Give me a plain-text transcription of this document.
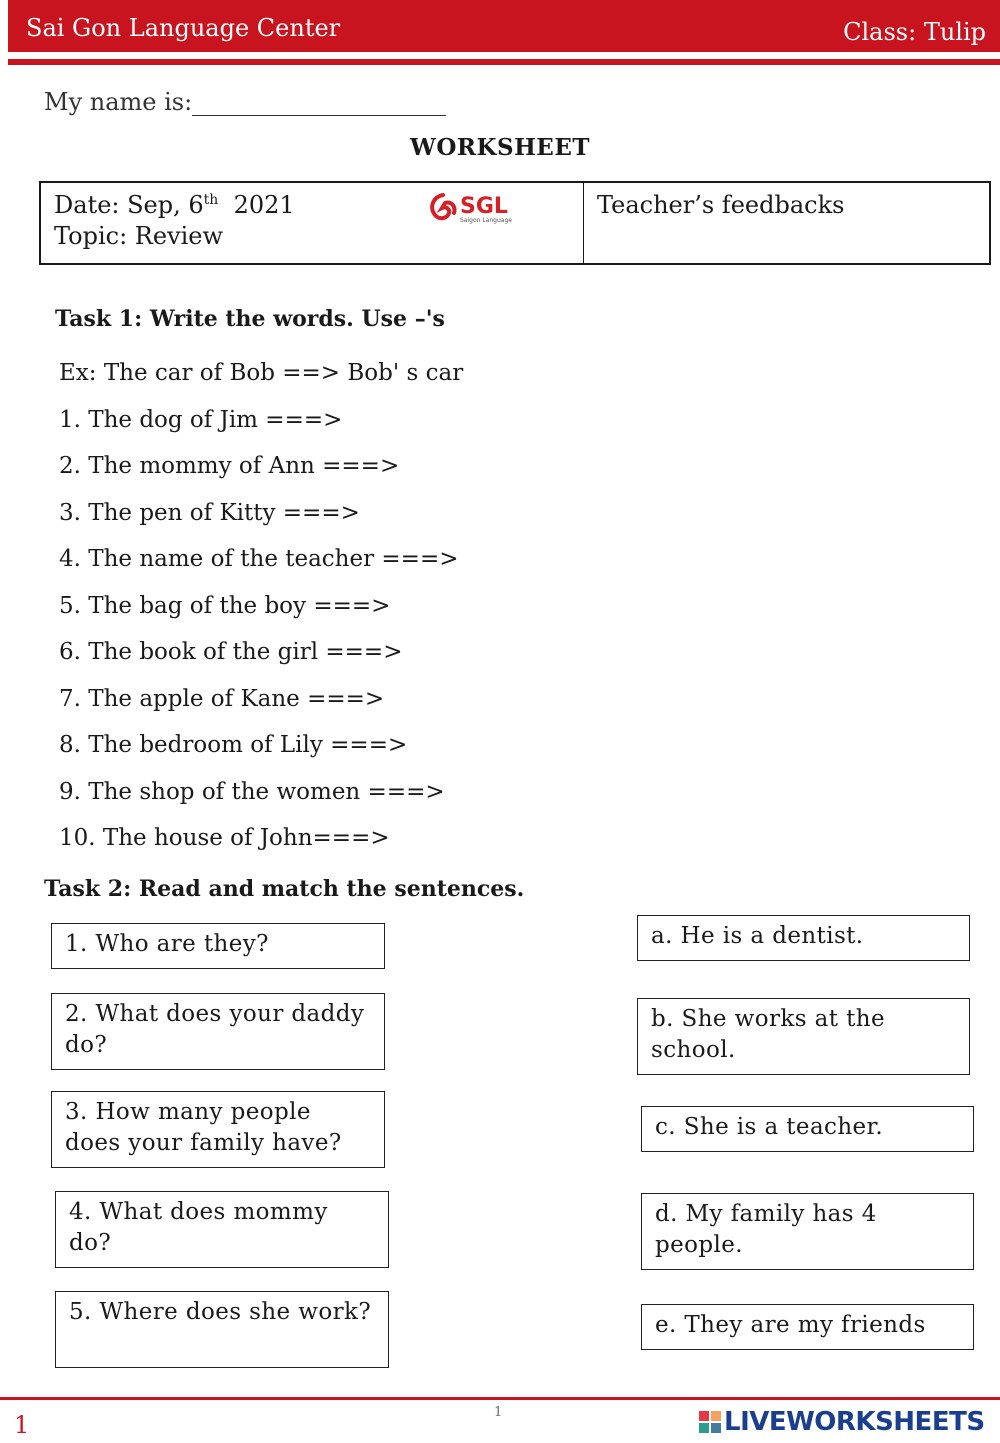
Sai Gon Language Center	Class: Tulip
My name is:
WORKSHEET
Date: Sep, 6th 2021
Topic: Review
SGL
Saigon Language
Teacher’s feedbacks
Task 1: Write the words. Use –'s
Ex: The car of Bob ==> Bob' s car
1. The dog of Jim ===>
2. The mommy of Ann ===>
3. The pen of Kitty ===>
4. The name of the teacher ===>
5. The bag of the boy ===>
6. The book of the girl ===>
7. The apple of Kane ===>
8. The bedroom of Lily ===>
9. The shop of the women ===>
10. The house of John===>
Task 2: Read and match the sentences.
1. Who are they?
2. What does your daddy do?
3. How many people does your family have?
4. What does mommy do?
5. Where does she work?
a. He is a dentist.
b. She works at the school.
c. She is a teacher.
d. My family has 4 people.
e. They are my friends
1	1	LIVEWORKSHEETS
